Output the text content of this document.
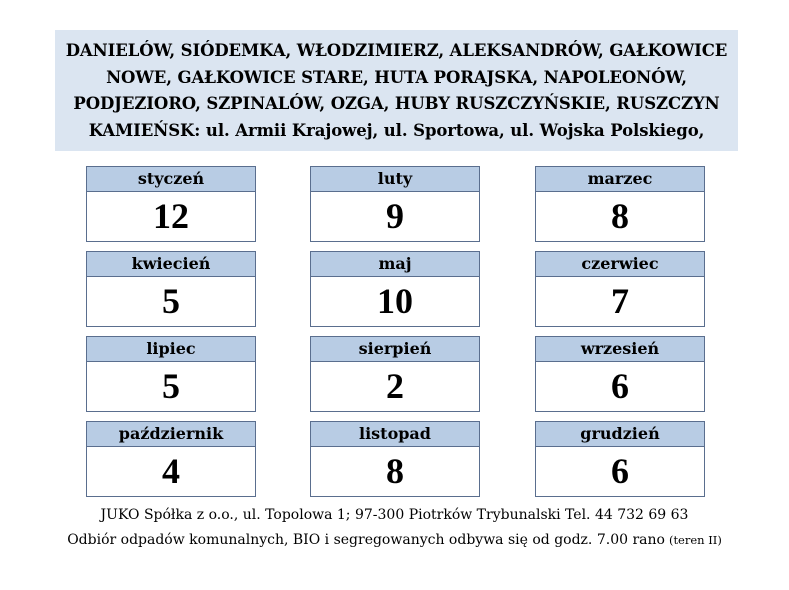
DANIELÓW, SIÓDEMKA, WŁODZIMIERZ, ALEKSANDRÓW, GAŁKOWICE
NOWE, GAŁKOWICE STARE, HUTA PORAJSKA, NAPOLEONÓW,
PODJEZIORO, SZPINALÓW, OZGA, HUBY RUSZCZYŃSKIE, RUSZCZYN
KAMIEŃSK: ul. Armii Krajowej, ul. Sportowa, ul. Wojska Polskiego,
styczeń
12
luty
9
marzec
8
kwiecień
5
maj
10
czerwiec
7
lipiec
5
sierpień
2
wrzesień
6
październik
4
listopad
8
grudzień
6
JUKO Spółka z o.o., ul. Topolowa 1; 97-300 Piotrków Trybunalski Tel. 44 732 69 63
Odbiór odpadów komunalnych, BIO i segregowanych odbywa się od godz. 7.00 rano (teren II)
